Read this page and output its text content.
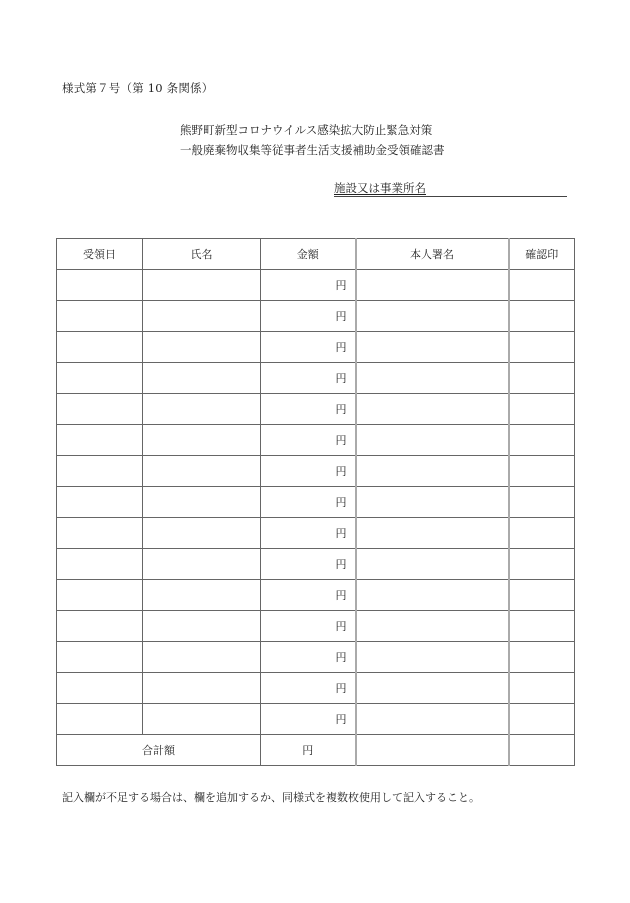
様式第７号（第 10 条関係）
熊野町新型コロナウイルス感染拡大防止緊急対策
一般廃棄物収集等従事者生活支援補助金受領確認書
施設又は事業所名
受領日	氏名	金額	本人署名	確認印
		円		
		円		
		円		
		円		
		円		
		円		
		円		
		円		
		円		
		円		
		円		
		円		
		円		
		円		
		円		
合計額		円		
記入欄が不足する場合は、欄を追加するか、同様式を複数枚使用して記入すること。
